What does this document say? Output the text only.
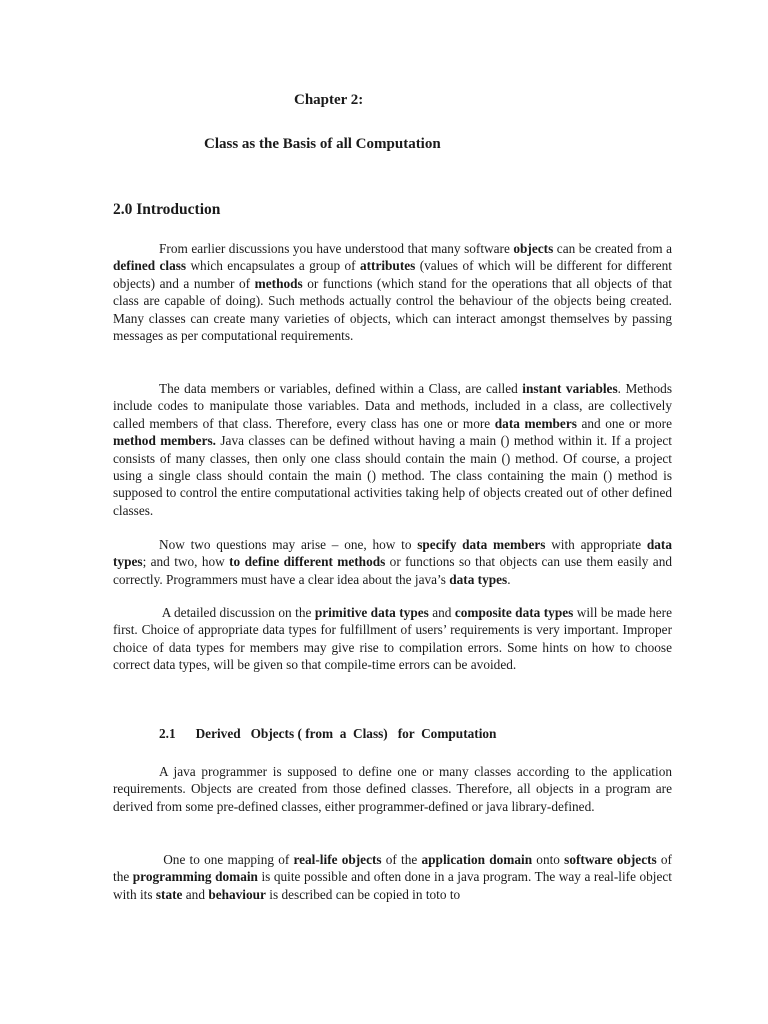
Chapter 2:
Class as the Basis of all Computation
2.0 Introduction

From earlier discussions you have understood that many software objects can be created from a defined class which encapsulates a group of attributes (values of which will be different for different objects) and a number of methods or functions (which stand for the operations that all objects of that class are capable of doing). Such methods actually control the behaviour of the objects being created. Many classes can create many varieties of objects, which can interact amongst themselves by passing messages as per computational requirements.

The data members or variables, defined within a Class, are called instant variables. Methods include codes to manipulate those variables. Data and methods, included in a class, are collectively called members of that class. Therefore, every class has one or more data members and one or more method members. Java classes can be defined without having a main () method within it. If a project consists of many classes, then only one class should contain the main () method. Of course, a project using a single class should contain the main () method. The class containing the main () method is supposed to control the entire computational activities taking help of objects created out of other defined classes.

Now two questions may arise – one, how to specify data members with appropriate data types; and two, how to define different methods or functions so that objects can use them easily and correctly. Programmers must have a clear idea about the java’s data types.

A detailed discussion on the primitive data types and composite data types will be made here first. Choice of appropriate data types for fulfillment of users’ requirements is very important. Improper choice of data types for members may give rise to compilation errors. Some hints on how to choose correct data types, will be given so that compile-time errors can be avoided.

2.1      Derived   Objects ( from  a  Class)   for  Computation

A java programmer is supposed to define one or many classes according to the application requirements. Objects are created from those defined classes. Therefore, all objects in a program are derived from some pre-defined classes, either programmer-defined or java library-defined.

One to one mapping of real-life objects of the application domain onto software objects of the programming domain is quite possible and often done in a java program. The way a real-life object with its state and behaviour is described can be copied in toto to
